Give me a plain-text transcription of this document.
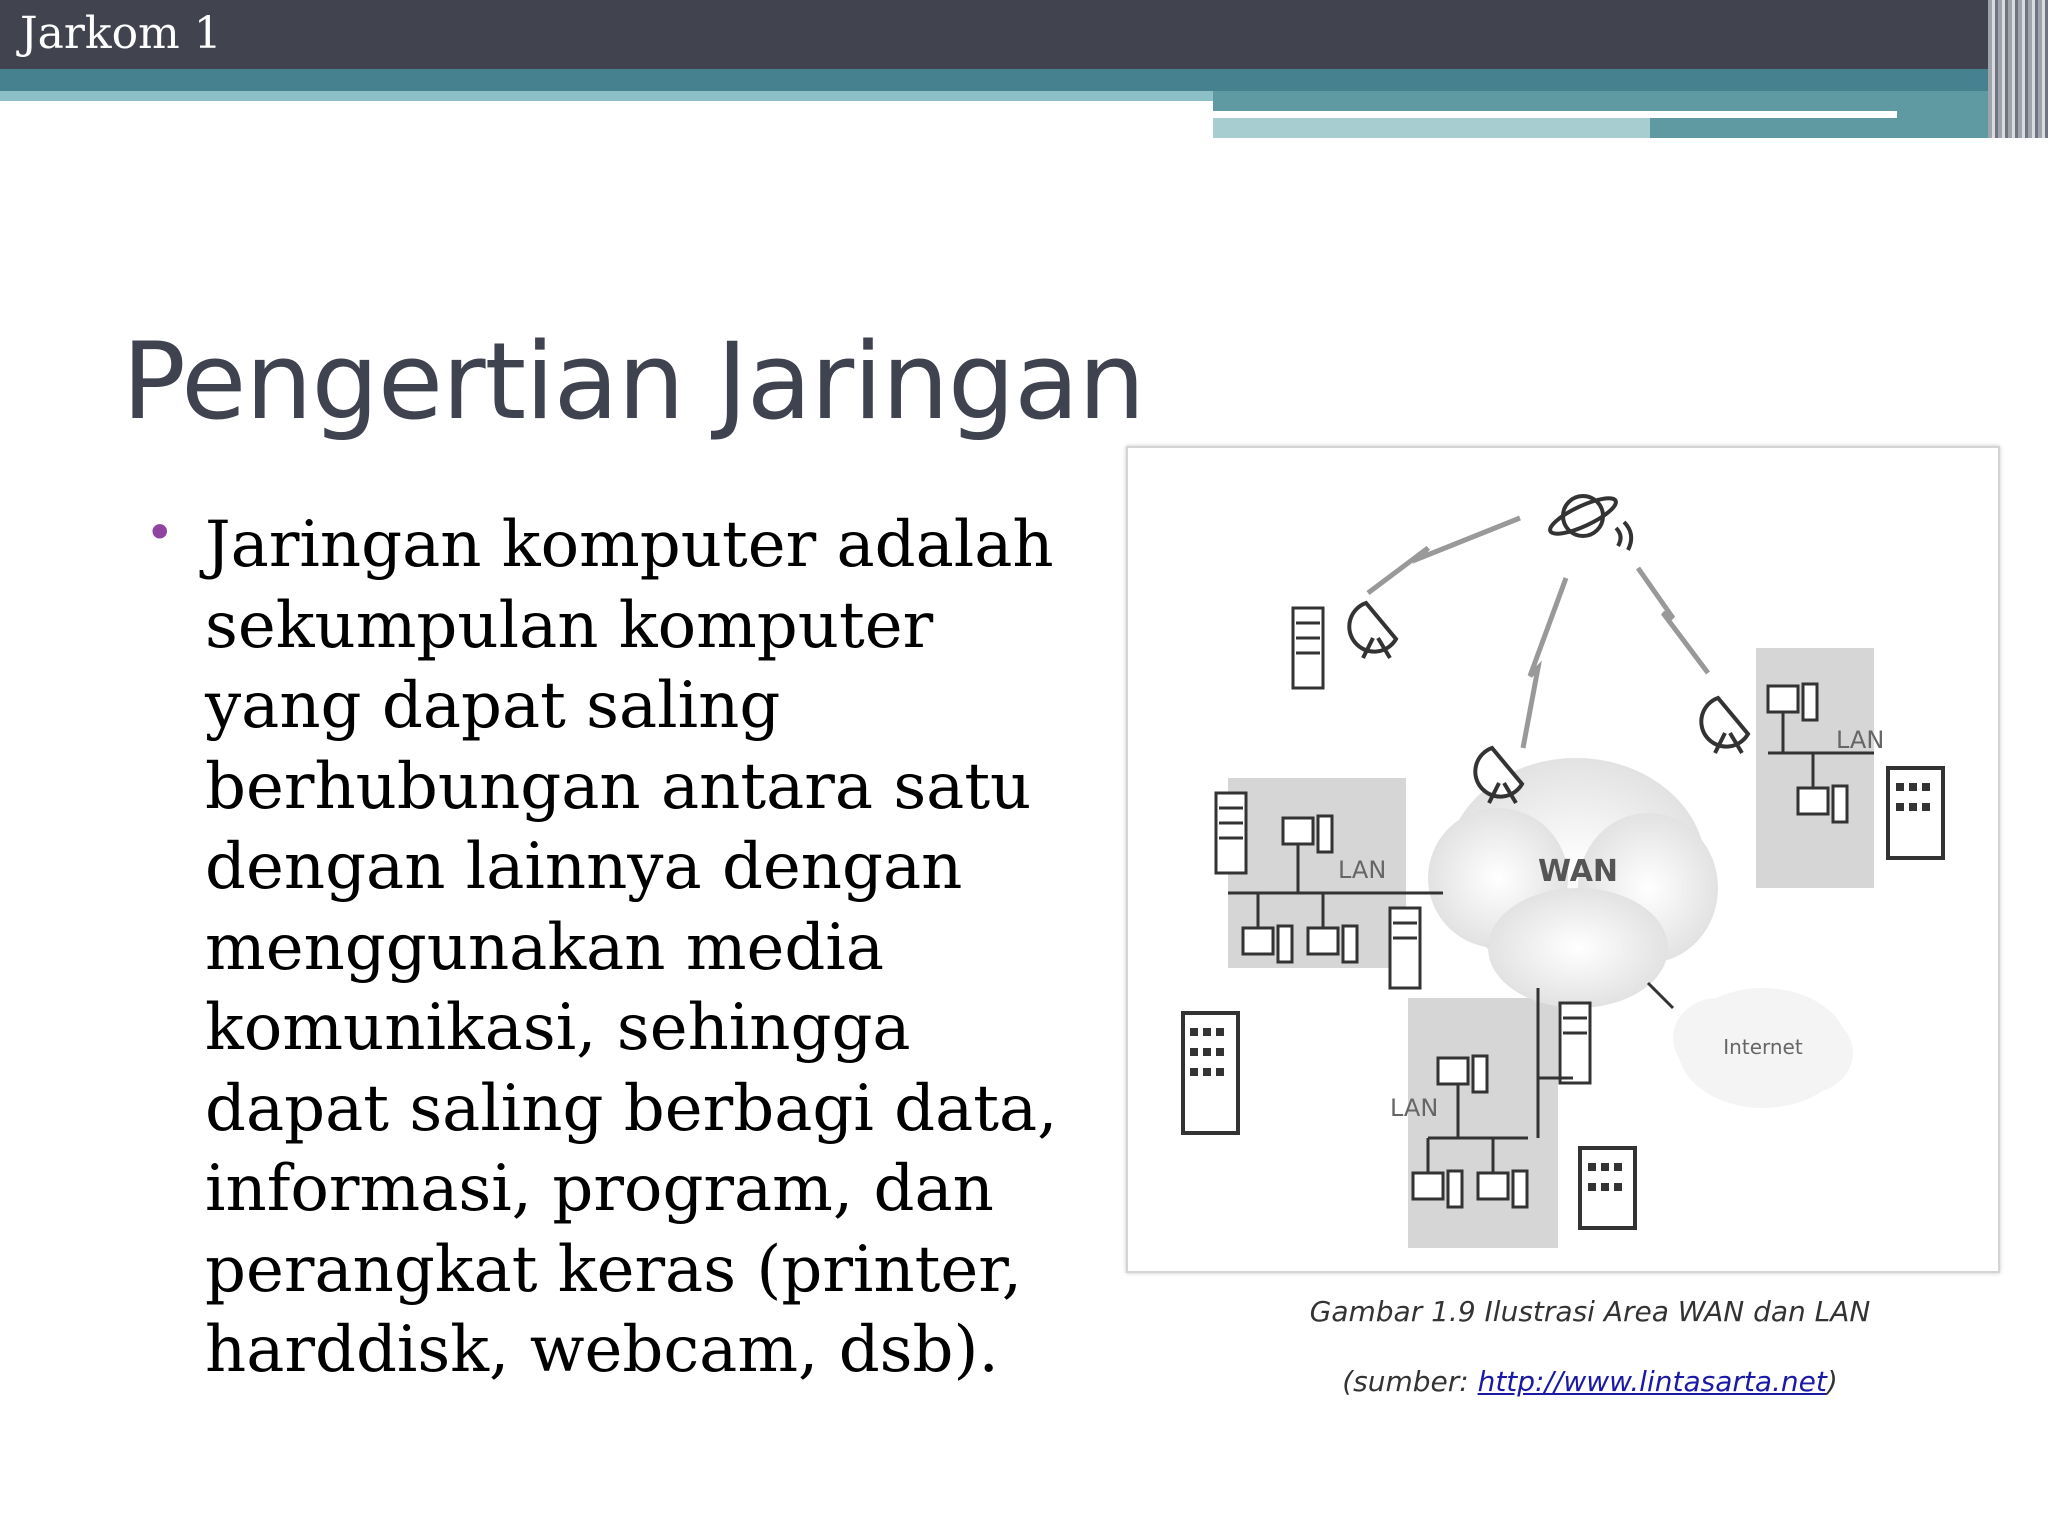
Jarkom 1
Pengertian Jaringan
• Jaringan komputer adalah sekumpulan komputer yang dapat saling berhubungan antara satu dengan lainnya dengan menggunakan media komunikasi, sehingga dapat saling berbagi data, informasi, program, dan perangkat keras (printer, harddisk, webcam, dsb).

WAN
Internet
LAN
LAN
LAN
Gambar 1.9 Ilustrasi Area WAN dan LAN
(sumber: http://www.lintasarta.net)
